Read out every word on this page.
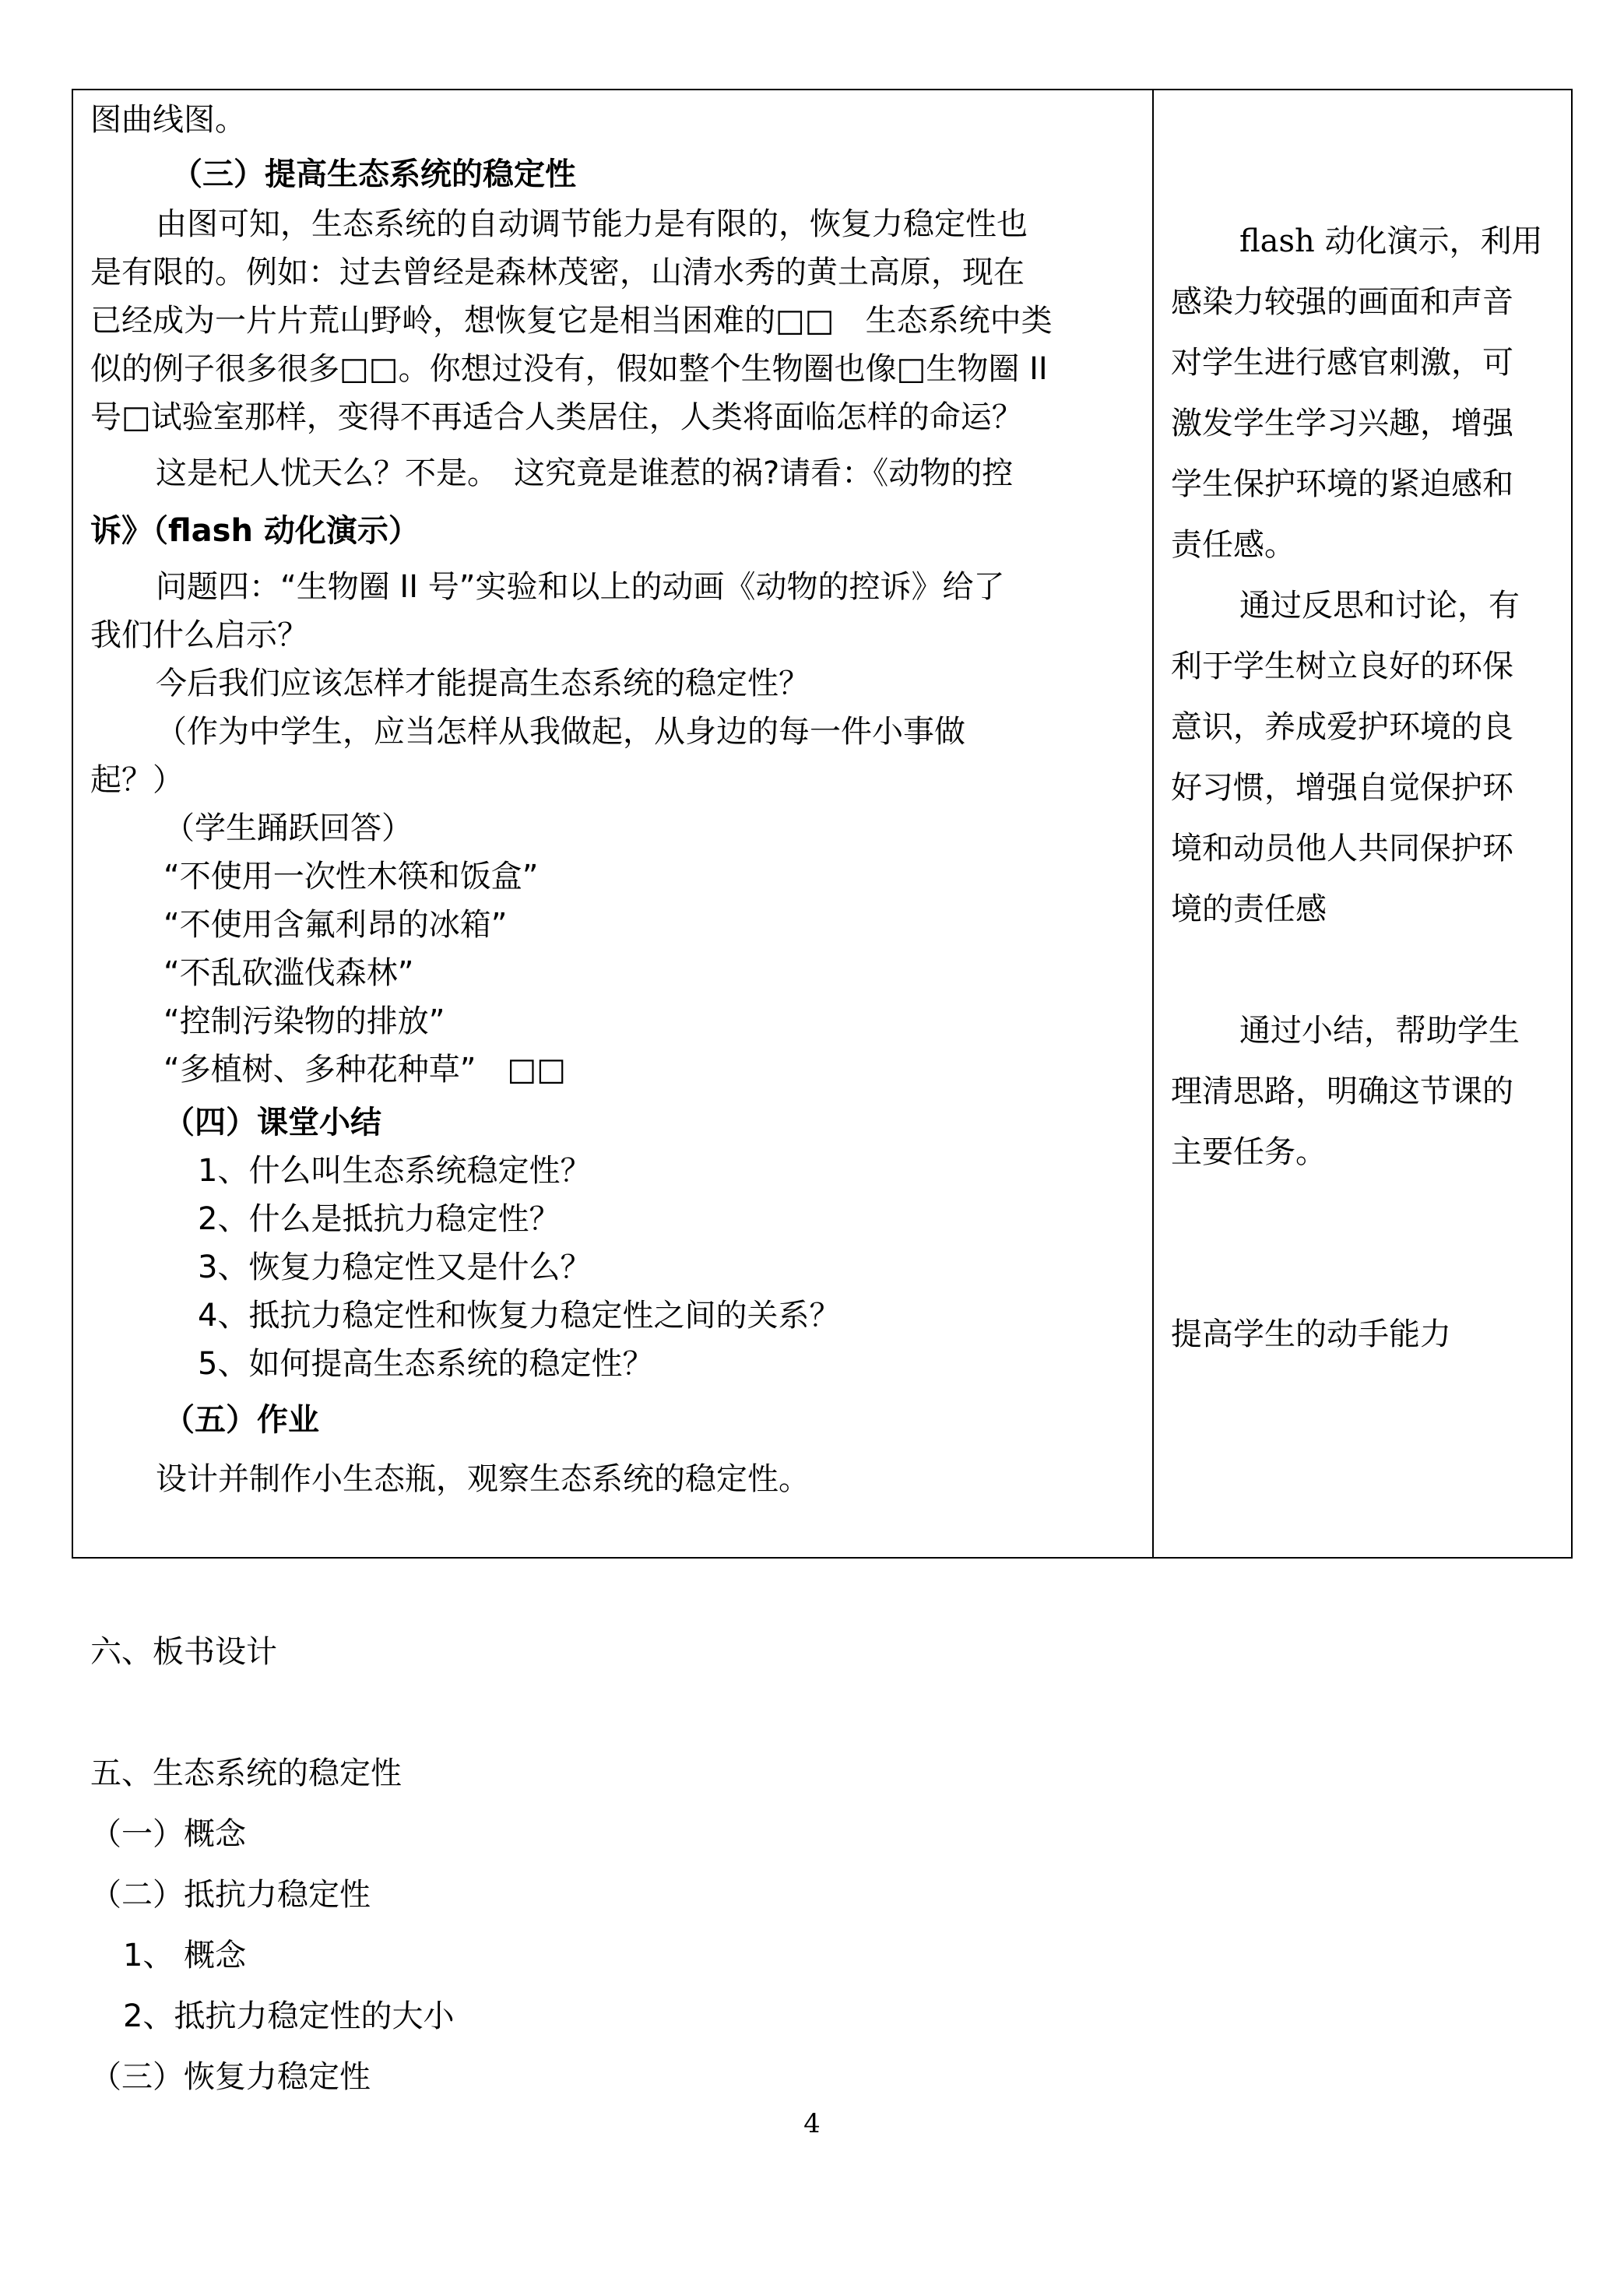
图曲线图。
（三）提高生态系统的稳定性
由图可知，生态系统的自动调节能力是有限的，恢复力稳定性也
是有限的。例如：过去曾经是森林茂密，山清水秀的黄土高原，现在
已经成为一片片荒山野岭，想恢复它是相当困难的□□　生态系统中类
似的例子很多很多□□。你想过没有，假如整个生物圈也像□生物圈 II
号□试验室那样，变得不再适合人类居住，人类将面临怎样的命运？
这是杞人忧天么？不是。　这究竟是谁惹的祸?请看：《动物的控
诉》（flash 动化演示）
问题四：“生物圈 II 号”实验和以上的动画《动物的控诉》给了
我们什么启示？
今后我们应该怎样才能提高生态系统的稳定性？
（作为中学生，应当怎样从我做起，从身边的每一件小事做
起？）
（学生踊跃回答）
“不使用一次性木筷和饭盒”
“不使用含氟利昂的冰箱”
“不乱砍滥伐森林”
“控制污染物的排放”
“多植树、多种花种草”　□□
（四）课堂小结
1、什么叫生态系统稳定性？
2、什么是抵抗力稳定性？
3、恢复力稳定性又是什么？
4、抵抗力稳定性和恢复力稳定性之间的关系？
5、如何提高生态系统的稳定性？
（五）作业
设计并制作小生态瓶，观察生态系统的稳定性。
flash 动化演示，利用
感染力较强的画面和声音
对学生进行感官刺激，可
激发学生学习兴趣，增强
学生保护环境的紧迫感和
责任感。
通过反思和讨论，有
利于学生树立良好的环保
意识，养成爱护环境的良
好习惯，增强自觉保护环
境和动员他人共同保护环
境的责任感
通过小结，帮助学生
理清思路，明确这节课的
主要任务。
提高学生的动手能力
六、板书设计
五、生态系统的稳定性
（一）概念
（二）抵抗力稳定性
1、 概念
2、抵抗力稳定性的大小
（三）恢复力稳定性
4
